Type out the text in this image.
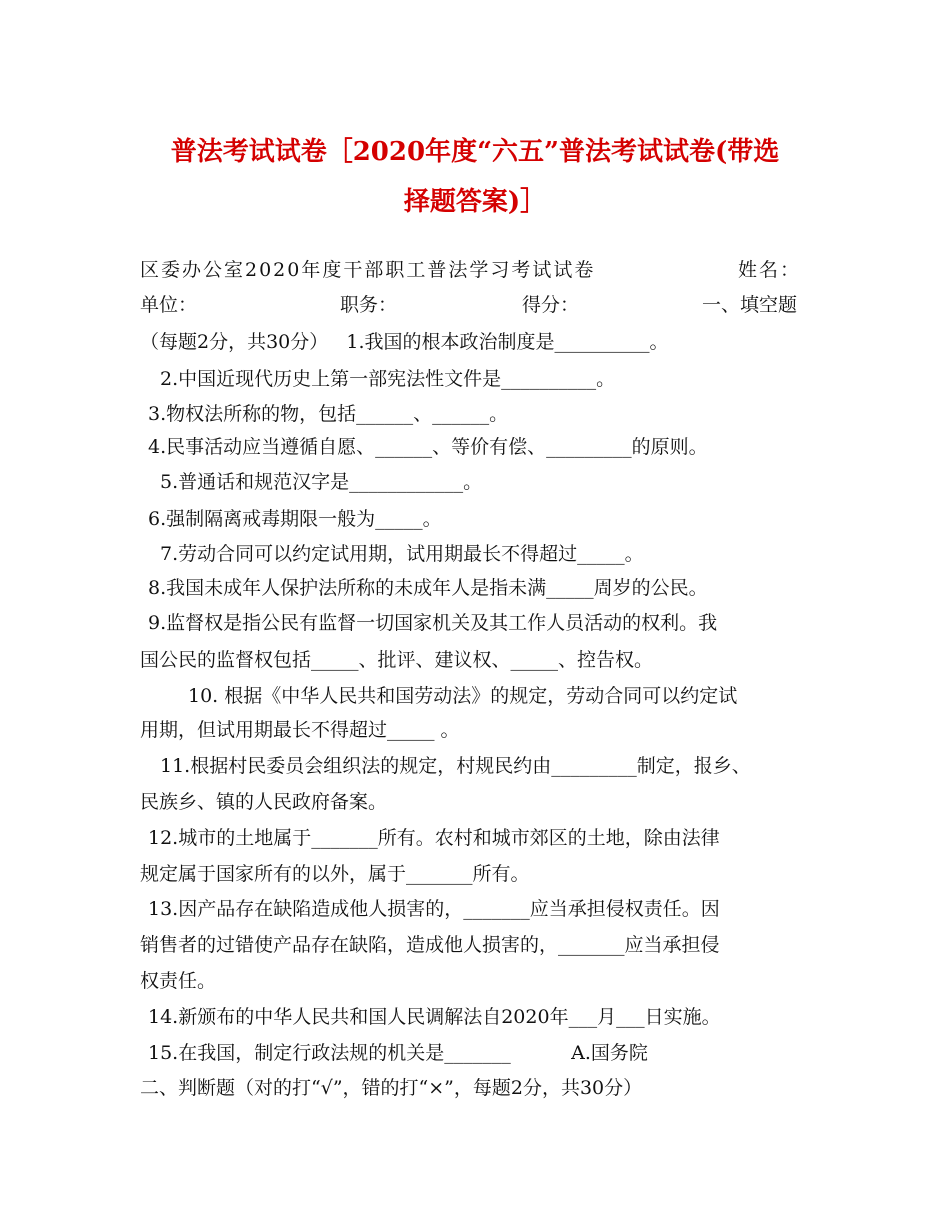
普法考试试卷［2020年度“六五”普法考试试卷(带选
择题答案)］
区委办公室2020年度干部职工普法学习考试试卷	姓名：
单位：	职务：	得分：	一、填空题
（每题2分，共30分）   1.我国的根本政治制度是__________。
2.中国近现代历史上第一部宪法性文件是__________。
3.物权法所称的物，包括______、______。
4.民事活动应当遵循自愿、______、等价有偿、_________的原则。
5.普通话和规范汉字是____________。
6.强制隔离戒毒期限一般为_____。
7.劳动合同可以约定试用期，试用期最长不得超过_____。
8.我国未成年人保护法所称的未成年人是指未满_____周岁的公民。
9.监督权是指公民有监督一切国家机关及其工作人员活动的权利。我
国公民的监督权包括_____、批评、建议权、_____、控告权。
10. 根据《中华人民共和国劳动法》的规定，劳动合同可以约定试
用期，但试用期最长不得超过_____ 。
11.根据村民委员会组织法的规定，村规民约由_________制定，报乡、
民族乡、镇的人民政府备案。
12.城市的土地属于_______所有。农村和城市郊区的土地，除由法律
规定属于国家所有的以外，属于_______所有。
13.因产品存在缺陷造成他人损害的，_______应当承担侵权责任。因
销售者的过错使产品存在缺陷，造成他人损害的，_______应当承担侵
权责任。
14.新颁布的中华人民共和国人民调解法自2020年___月___日实施。
15.在我国，制定行政法规的机关是_______          A.国务院
二、判断题（对的打“√”，错的打“×”，每题2分，共30分）
